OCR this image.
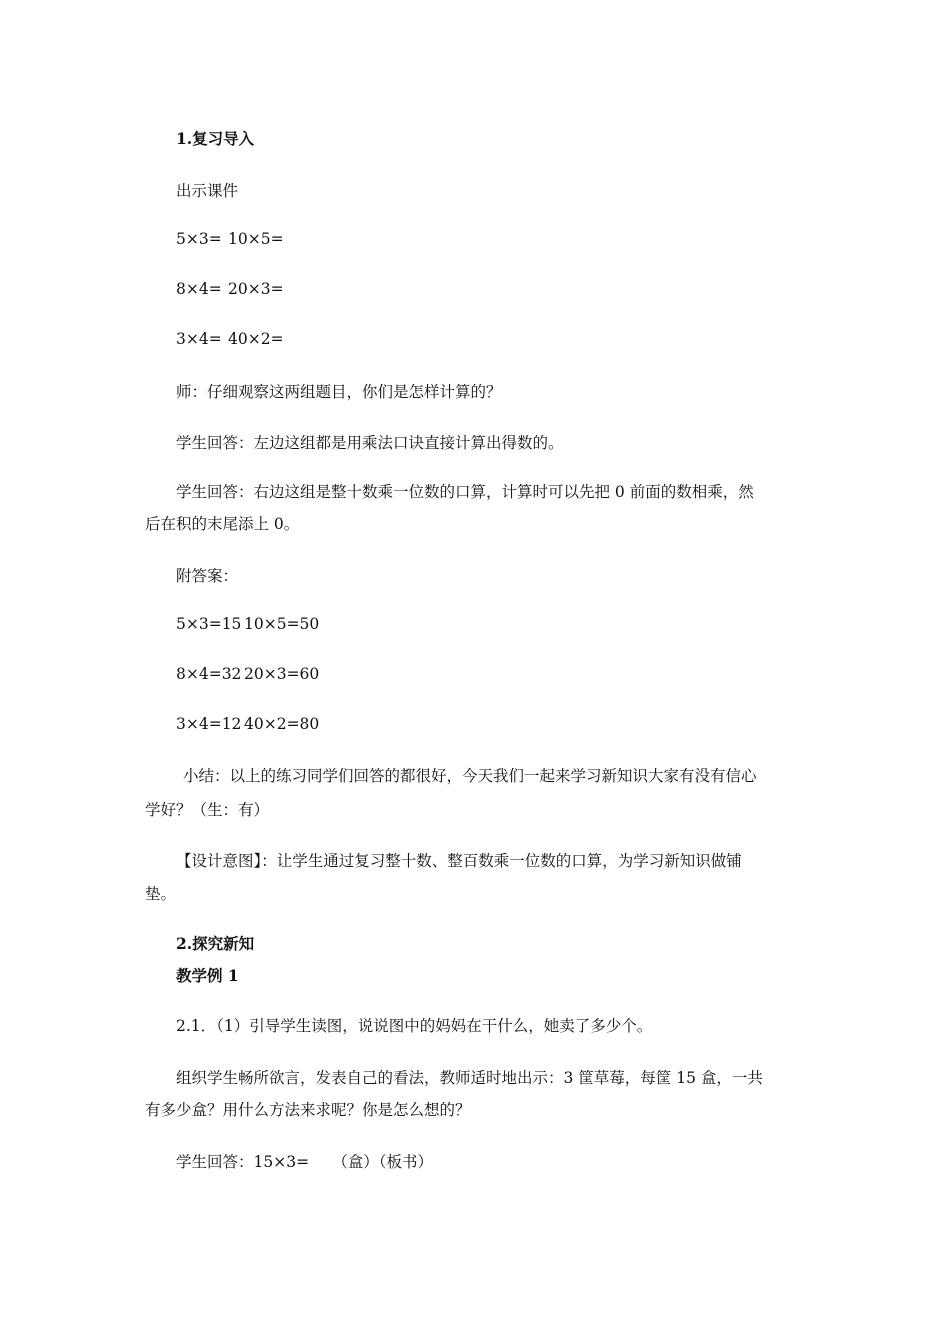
1.复习导入
出示课件
5×3= 10×5=
8×4= 20×3=
3×4= 40×2=
师：仔细观察这两组题目，你们是怎样计算的？
学生回答：左边这组都是用乘法口诀直接计算出得数的。
学生回答：右边这组是整十数乘一位数的口算，计算时可以先把 0 前面的数相乘，然
后在积的末尾添上 0。
附答案：
5×3=15 10×5=50
8×4=32 20×3=60
3×4=12 40×2=80
小结：以上的练习同学们回答的都很好，今天我们一起来学习新知识大家有没有信心
学好？（生：有）
【设计意图】：让学生通过复习整十数、整百数乘一位数的口算，为学习新知识做铺
垫。
2.探究新知
教学例 1
2.1．（1）引导学生读图，说说图中的妈妈在干什么，她卖了多少个。
组织学生畅所欲言，发表自己的看法，教师适时地出示：3 筐草莓，每筐 15 盒，一共
有多少盒？用什么方法来求呢？你是怎么想的？
学生回答：15×3=　　（盒）（板书）
